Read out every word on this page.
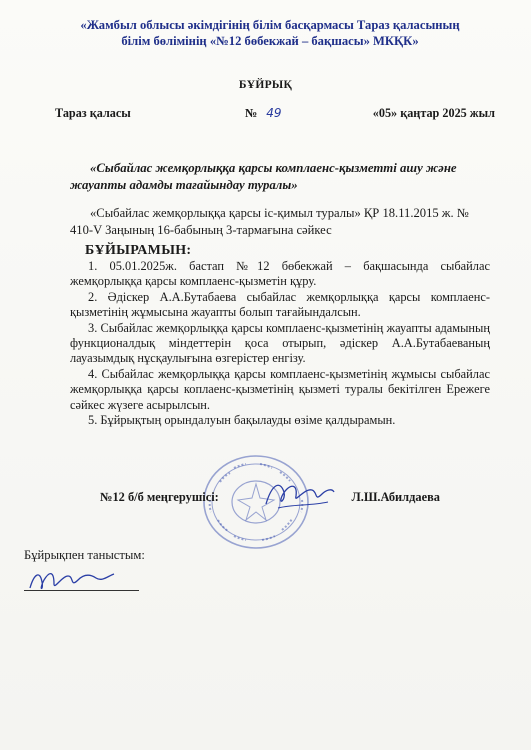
«Жамбыл облысы әкімдігінің білім басқармасы Тараз қаласының
білім бөлімінің «№12 бөбекжай – бақшасы» МКҚК»
БҰЙРЫҚ
Тараз қаласы	№ 49	«05» қаңтар 2025 жыл
«Сыбайлас жемқорлыққа қарсы комплаенс-қызметті ашу және жауапты адамды тағайындау туралы»
«Сыбайлас жемқорлыққа қарсы іс-қимыл туралы» ҚР 18.11.2015 ж. № 410-V Заңының 16-бабының 3-тармағына сәйкес
БҰЙЫРАМЫН:

1. 05.01.2025ж. бастап №12 бөбекжай – бақшасында сыбайлас жемқорлыққа қарсы комплаенс-қызметін құру.

2. Әдіскер А.А.Бутабаева сыбайлас жемқорлыққа қарсы комплаенс-қызметінің жұмысына жауапты болып тағайындалсын.

3. Сыбайлас жемқорлыққа қарсы комплаенс-қызметінің жауапты адамының функционалдық міндеттерін қоса отырып, әдіскер А.А.Бутабаеваның лауазымдық нұсқаулығына өзгерістер енгізу.

4. Сыбайлас жемқорлыққа қарсы комплаенс-қызметінің жұмысы сыбайлас жемқорлыққа қарсы коплаенс-қызметінің қызметі туралы бекітілген Ережеге сәйкес жүзеге асырылсын.

5. Бұйрықтың орындалуын бақылауды өзіме қалдырамын.

№12 б/б меңгерушісі:	Л.Ш.Абилдаева
Бұйрықпен таныстым:
